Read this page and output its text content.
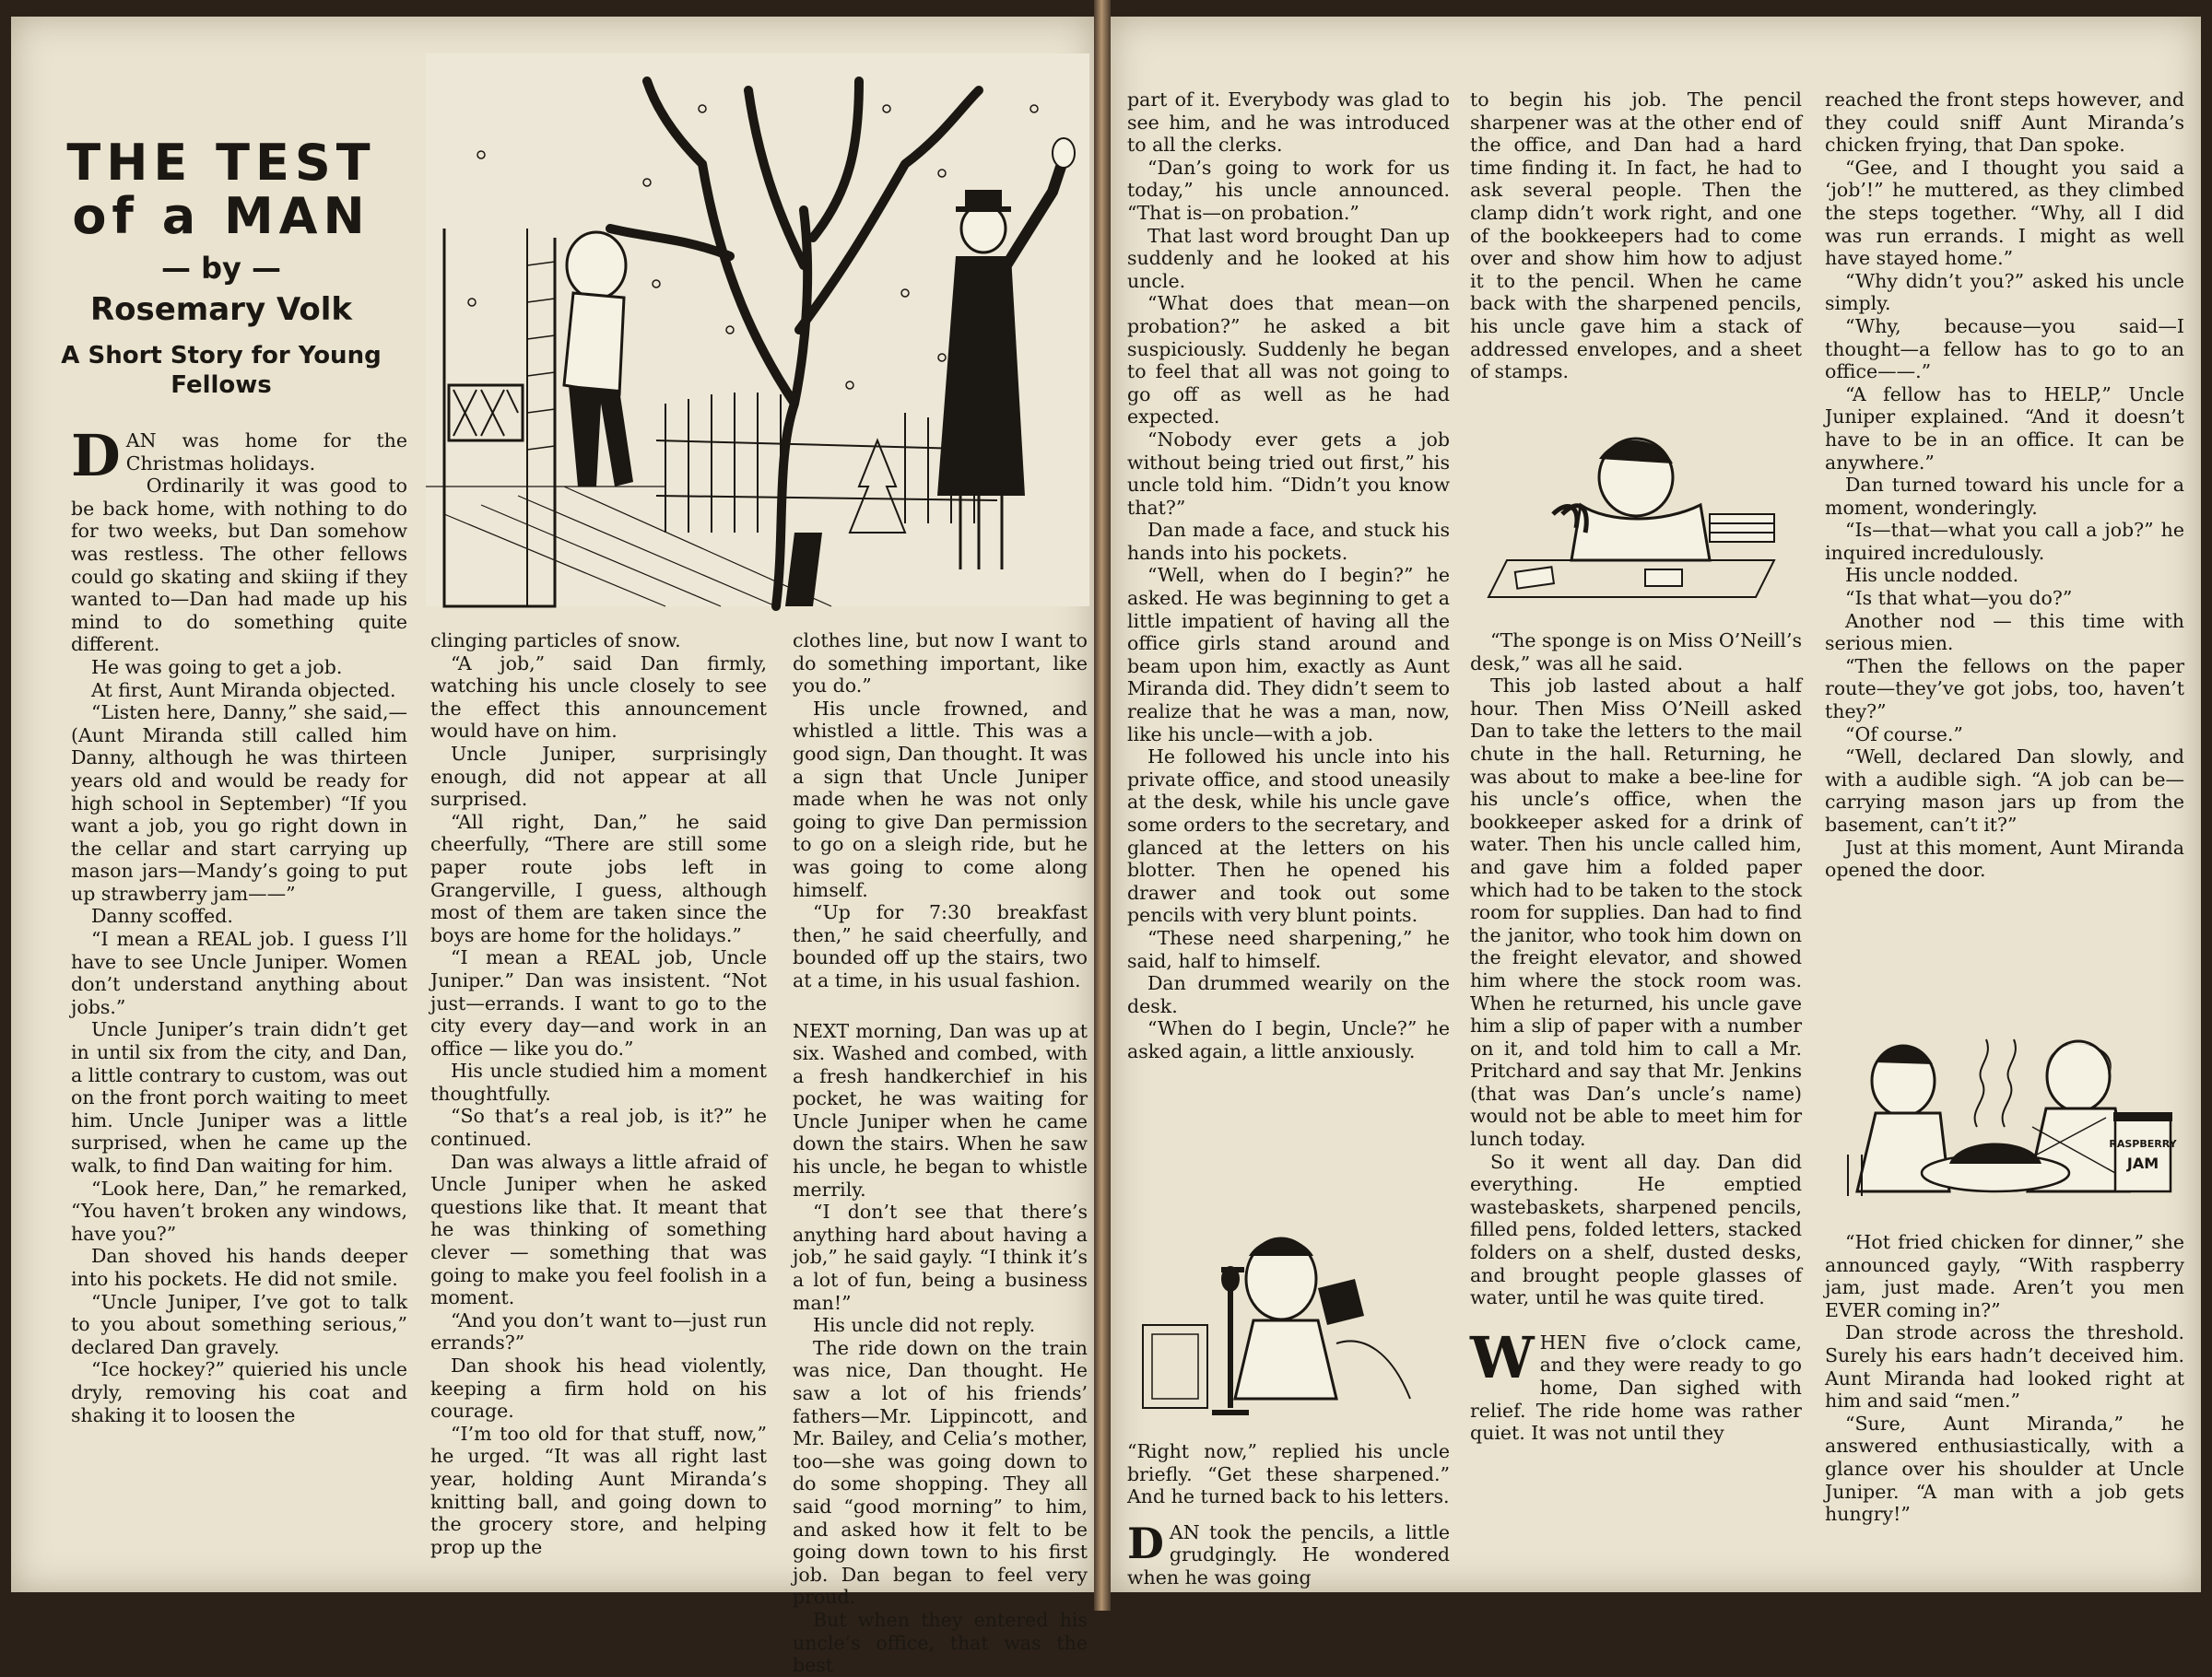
THE TEST

of a MAN

— by —

Rosemary Volk

A Short Story for Young Fellows

DAN was home for the Christmas holidays.

Ordinarily it was good to be back home, with nothing to do for two weeks, but Dan somehow was restless. The other fellows could go skating and skiing if they wanted to—Dan had made up his mind to do something quite different.

He was going to get a job.

At first, Aunt Miranda objected.

“Listen here, Danny,” she said,—(Aunt Miranda still called him Danny, although he was thirteen years old and would be ready for high school in September) “If you want a job, you go right down in the cellar and start carrying up mason jars—Mandy’s going to put up strawberry jam——”

Danny scoffed.

“I mean a REAL job. I guess I’ll have to see Uncle Juniper. Women don’t understand anything about jobs.”

Uncle Juniper’s train didn’t get in until six from the city, and Dan, a little contrary to custom, was out on the front porch waiting to meet him. Uncle Juniper was a little surprised, when he came up the walk, to find Dan waiting for him.

“Look here, Dan,” he remarked, “You haven’t broken any windows, have you?”

Dan shoved his hands deeper into his pockets. He did not smile.

“Uncle Juniper, I’ve got to talk to you about something serious,” declared Dan gravely.

“Ice hockey?” quieried his uncle dryly, removing his coat and shaking it to loosen the

clinging particles of snow.

“A job,” said Dan firmly, watching his uncle closely to see the effect this announcement would have on him.

Uncle Juniper, surprisingly enough, did not appear at all surprised.

“All right, Dan,” he said cheerfully, “There are still some paper route jobs left in Grangerville, I guess, although most of them are taken since the boys are home for the holidays.”

“I mean a REAL job, Uncle Juniper.” Dan was insistent. “Not just—errands. I want to go to the city every day—and work in an office — like you do.”

His uncle studied him a moment thoughtfully.

“So that’s a real job, is it?” he continued.

Dan was always a little afraid of Uncle Juniper when he asked questions like that. It meant that he was thinking of something clever — something that was going to make you feel foolish in a moment.

“And you don’t want to—just run errands?”

Dan shook his head violently, keeping a firm hold on his courage.

“I’m too old for that stuff, now,” he urged. “It was all right last year, holding Aunt Miranda’s knitting ball, and going down to the grocery store, and helping prop up the

clothes line, but now I want to do something important, like you do.”

His uncle frowned, and whistled a little. This was a good sign, Dan thought. It was a sign that Uncle Juniper made when he was not only going to give Dan permission to go on a sleigh ride, but he was going to come along himself.

“Up for 7:30 breakfast then,” he said cheerfully, and bounded off up the stairs, two at a time, in his usual fashion.

NEXT morning, Dan was up at six. Washed and combed, with a fresh handkerchief in his pocket, he was waiting for Uncle Juniper when he came down the stairs. When he saw his uncle, he began to whistle merrily.

“I don’t see that there’s anything hard about having a job,” he said gayly. “I think it’s a lot of fun, being a business man!”

His uncle did not reply.

The ride down on the train was nice, Dan thought. He saw a lot of his friends’ fathers—Mr. Lippincott, and Mr. Bailey, and Celia’s mother, too—she was going down to do some shopping. They all said “good morning” to him, and asked how it felt to be going down town to his first job. Dan began to feel very proud.

But when they entered his uncle’s office, that was the best

part of it. Everybody was glad to see him, and he was introduced to all the clerks.

“Dan’s going to work for us today,” his uncle announced. “That is—on probation.”

That last word brought Dan up suddenly and he looked at his uncle.

“What does that mean—on probation?” he asked a bit suspiciously. Suddenly he began to feel that all was not going to go off as well as he had expected.

“Nobody ever gets a job without being tried out first,” his uncle told him. “Didn’t you know that?”

Dan made a face, and stuck his hands into his pockets.

“Well, when do I begin?” he asked. He was beginning to get a little impatient of having all the office girls stand around and beam upon him, exactly as Aunt Miranda did. They didn’t seem to realize that he was a man, now, like his uncle—with a job.

He followed his uncle into his private office, and stood uneasily at the desk, while his uncle gave some orders to the secretary, and glanced at the letters on his blotter. Then he opened his drawer and took out some pencils with very blunt points.

“These need sharpening,” he said, half to himself.

Dan drummed wearily on the desk.

“When do I begin, Uncle?” he asked again, a little anxiously.

“Right now,” replied his uncle briefly. “Get these sharpened.” And he turned back to his letters.

DAN took the pencils, a little grudgingly. He wondered when he was going

to begin his job. The pencil sharpener was at the other end of the office, and Dan had a hard time finding it. In fact, he had to ask several people. Then the clamp didn’t work right, and one of the bookkeepers had to come over and show him how to adjust it to the pencil. When he came back with the sharpened pencils, his uncle gave him a stack of addressed envelopes, and a sheet of stamps.

“The sponge is on Miss O’Neill’s desk,” was all he said.

This job lasted about a half hour. Then Miss O’Neill asked Dan to take the letters to the mail chute in the hall. Returning, he was about to make a bee-line for his uncle’s office, when the bookkeeper asked for a drink of water. Then his uncle called him, and gave him a folded paper which had to be taken to the stock room for supplies. Dan had to find the janitor, who took him down on the freight elevator, and showed him where the stock room was. When he returned, his uncle gave him a slip of paper with a number on it, and told him to call a Mr. Pritchard and say that Mr. Jenkins (that was Dan’s uncle’s name) would not be able to meet him for lunch today.

So it went all day. Dan did everything. He emptied wastebaskets, sharpened pencils, filled pens, folded letters, stacked folders on a shelf, dusted desks, and brought people glasses of water, until he was quite tired.

WHEN five o’clock came, and they were ready to go home, Dan sighed with relief. The ride home was rather quiet. It was not until they

reached the front steps however, and they could sniff Aunt Miranda’s chicken frying, that Dan spoke.

“Gee, and I thought you said a ‘job’!” he muttered, as they climbed the steps together. “Why, all I did was run errands. I might as well have stayed home.”

“Why didn’t you?” asked his uncle simply.

“Why, because—you said—I thought—a fellow has to go to an office——.”

“A fellow has to HELP,” Uncle Juniper explained. “And it doesn’t have to be in an office. It can be anywhere.”

Dan turned toward his uncle for a moment, wonderingly.

“Is—that—what you call a job?” he inquired incredulously.

His uncle nodded.

“Is that what—you do?”

Another nod — this time with serious mien.

“Then the fellows on the paper route—they’ve got jobs, too, haven’t they?”

“Of course.”

“Well, declared Dan slowly, and with a audible sigh. “A job can be—carrying mason jars up from the basement, can’t it?”

Just at this moment, Aunt Miranda opened the door.

RASPBERRY
JAM

“Hot fried chicken for dinner,” she announced gayly, “With raspberry jam, just made. Aren’t you men EVER coming in?”

Dan strode across the threshold. Surely his ears hadn’t deceived him. Aunt Miranda had looked right at him and said “men.”

“Sure, Aunt Miranda,” he answered enthusiastically, with a glance over his shoulder at Uncle Juniper. “A man with a job gets hungry!”
